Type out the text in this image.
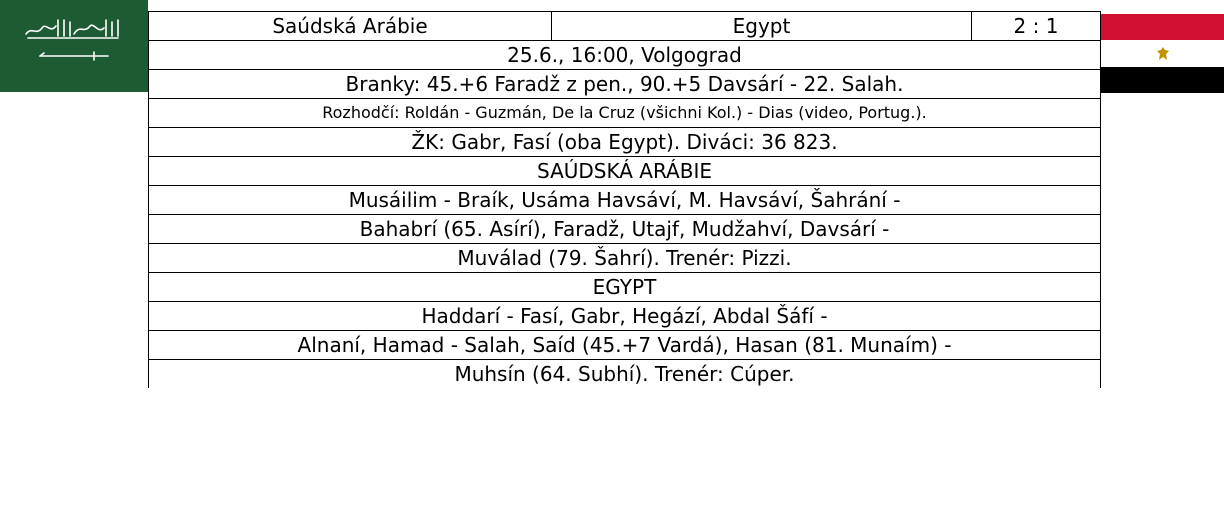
Saúdská Arábie	Egypt	2 : 1
25.6., 16:00, Volgograd
Branky: 45.+6 Faradž z pen., 90.+5 Davsárí - 22. Salah.
Rozhodčí: Roldán - Guzmán, De la Cruz (všichni Kol.) - Dias (video, Portug.).
ŽK: Gabr, Fasí (oba Egypt). Diváci: 36 823.
SAÚDSKÁ ARÁBIE
Musáilim - Braík, Usáma Havsáví, M. Havsáví, Šahrání -
Bahabrí (65. Asírí), Faradž, Utajf, Mudžahví, Davsárí -
Muválad (79. Šahrí). Trenér: Pizzi.
EGYPT
Haddarí - Fasí, Gabr, Hegází, Abdal Šáfí -
Alnaní, Hamad - Salah, Saíd (45.+7 Vardá), Hasan (81. Munaím) -
Muhsín (64. Subhí). Trenér: Cúper.
